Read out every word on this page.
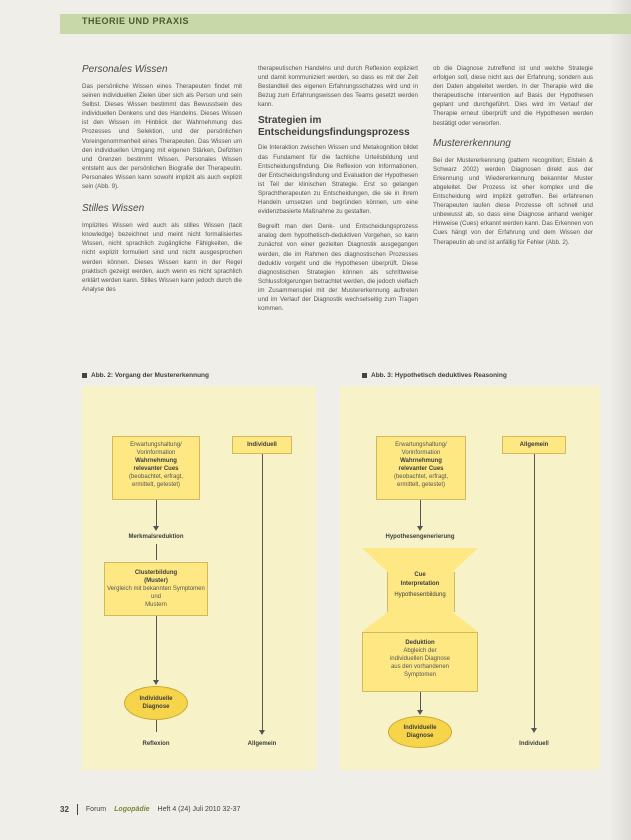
THEORIE UND PRAXIS
Personales Wissen

Das persönliche Wissen eines Therapeuten findet mit seinen individuellen Zielen über sich als Person und sein Selbst. Dieses Wissen bestimmt das Bewusstsein des individuellen Denkens und des Handelns. Dieses Wissen ist den Wissen im Hinblick der Wahrnehmung des Prozesses und Selektion, und der persönlichen Voreingenommenheit eines Therapeuten. Das Wissen um den individuellen Umgang mit eigenen Stärken, Defiziten und Grenzen bestimmt Wissen. Personales Wissen entsteht aus der persönlichen Biografie der Therapeutin. Personales Wissen kann sowohl implizit als auch explizit sein (Abb. 9).

Stilles Wissen

Implizites Wissen wird auch als stilles Wissen (tacit knowledge) bezeichnet und meint nicht formalisiertes Wissen, nicht sprachlich zugängliche Fähigkeiten, die nicht explizit formuliert sind und nicht ausgesprochen werden können. Dieses Wissen kann in der Regel praktisch gezeigt werden, auch wenn es nicht sprachlich erklärt werden kann. Stilles Wissen kann jedoch durch die Analyse des

therapeutischen Handelns und durch Reflexion expliziert und damit kommuniziert werden, so dass es mit der Zeit Bestandteil des eigenen Erfahrungsschatzes wird und in Bezug zum Erfahrungswissen des Teams gesetzt werden kann.

Strategien im Entscheidungsfindungsprozess

Die Interaktion zwischen Wissen und Metakognition bildet das Fundament für die fachliche Urteilsbildung und Entscheidungsfindung. Die Reflexion von Informationen, der Entscheidungsfindung und Evaluation der Hypothesen ist Teil der klinischen Strategie. Erst so gelangen Sprachtherapeuten zu Entscheidungen, die sie in ihrem Handeln umsetzen und begründen können, um eine evidenzbasierte Maßnahme zu gestalten.

Begreift man den Denk- und Entscheidungsprozess analog dem hypothetisch-deduktiven Vorgehen, so kann zunächst von einer gezielten Diagnostik ausgegangen werden, die im Rahmen des diagnostischen Prozesses deduktiv vorgeht und die Hypothesen überprüft. Diese diagnostischen Strategien können als schrittweise Schlussfolgerungen betrachtet werden, die jedoch vielfach im Zusammenspiel mit der Mustererkennung auftreten und im Verlauf der Diagnostik wechselseitig zum Tragen kommen.

ob die Diagnose zutreffend ist und welche Strategie erfolgen soll, diese nicht aus der Erfahrung, sondern aus den Daten abgeleitet werden. In der Therapie wird die therapeutische Intervention auf Basis der Hypothesen geplant und durchgeführt. Dies wird im Verlauf der Therapie erneut überprüft und die Hypothesen werden bestätigt oder verworfen.

Mustererkennung

Bei der Mustererkennung (pattern recognition; Elstein & Schwarz 2002) werden Diagnosen direkt aus der Erkennung und Wiedererkennung bekannter Muster abgeleitet. Der Prozess ist eher komplex und die Entscheidung wird implizit getroffen. Bei erfahrenen Therapeuten laufen diese Prozesse oft schnell und unbewusst ab, so dass eine Diagnose anhand weniger Hinweise (Cues) erkannt werden kann. Das Erkennen von Cues hängt von der Erfahrung und dem Wissen der Therapeutin ab und ist anfällig für Fehler (Abb. 2).

Abb. 2: Vorgang der Mustererkennung	Abb. 3: Hypothetisch deduktives Reasoning
Erwartungshaltung/
Vorinformation
Wahrnehmung
relevanter Cues
(beobachtet, erfragt,
ermittelt, getestet)
Individuell
Merkmalsreduktion
Clusterbildung
(Muster)
Vergleich mit bekannten Symptomen und
Mustern
Individuelle
Diagnose
Reflexion	Allgemein
Erwartungshaltung/
Vorinformation
Wahrnehmung
relevanter Cues
(beobachtet, erfragt,
ermittelt, getestet)
Allgemein
Hypothesengenerierung
Cue
Interpretation
Hypothesenbildung
Deduktion
Abgleich der
individuellen Diagnose
aus den vorhandenen
Symptomen
Individuelle
Diagnose
Individuell
32 Forum Logopädie Heft 4 (24) Juli 2010 32-37
